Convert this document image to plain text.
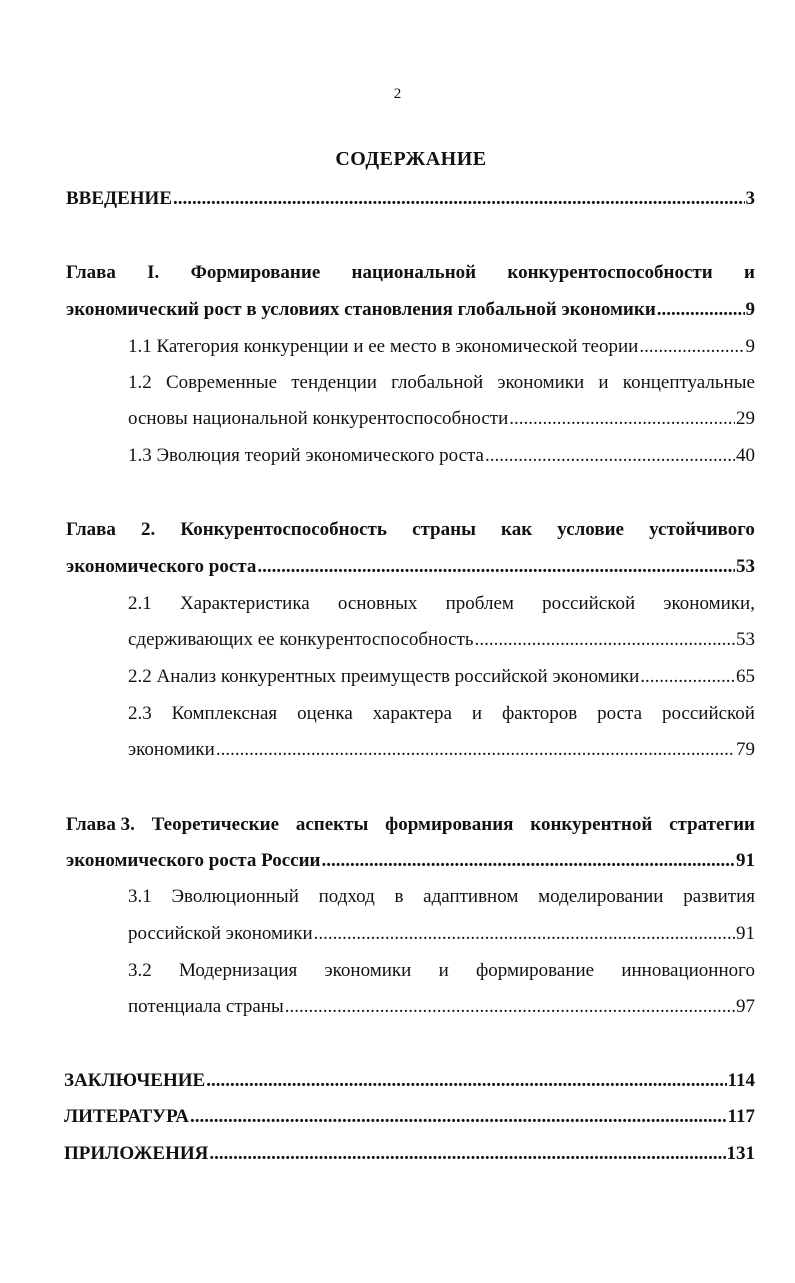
2
СОДЕРЖАНИЕ
ВВЕДЕНИЕ .....	3
Глава I. Формирование национальной конкурентоспособности и
экономический рост в условиях становления глобальной экономики .....	9
1.1 Категория конкуренции и ее место в экономической теории .....	9
1.2 Современные тенденции глобальной экономики и концептуальные
основы национальной конкурентоспособности .....	29
1.3 Эволюция теорий экономического роста .....	40
Глава 2. Конкурентоспособность страны как условие устойчивого
экономического роста .....	53
2.1 Характеристика основных проблем российской экономики,
сдерживающих ее конкурентоспособность .....	53
2.2 Анализ конкурентных преимуществ российской экономики .....	65
2.3 Комплексная оценка характера и факторов роста российской
экономики .....	79
Глава 3. Теоретические аспекты формирования конкурентной стратегии
экономического роста России .....	91
3.1 Эволюционный подход в адаптивном моделировании развития
российской экономики .....	91
3.2 Модернизация экономики и формирование инновационного
потенциала страны .....	97
ЗАКЛЮЧЕНИЕ .....	114
ЛИТЕРАТУРА .....	117
ПРИЛОЖЕНИЯ .....	131
